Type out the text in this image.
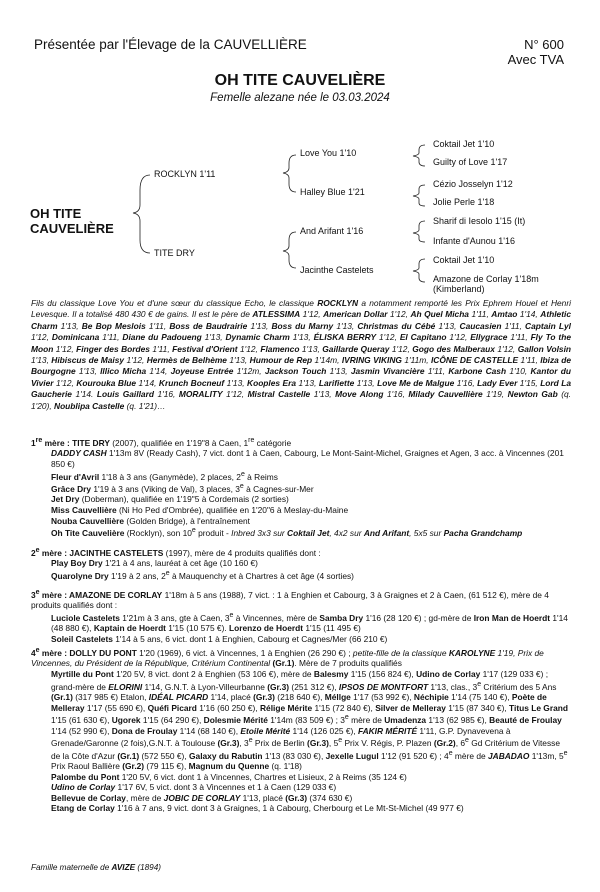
Présentée par l'Élevage de la CAUVELLIÈRE	N° 600
Avec TVA
OH TITE CAUVELIÈRE
Femelle alezane née le 03.03.2024
OH TITE
CAUVELIÈRE
ROCKLYN 1'11
TITE DRY
Love You 1'10
Halley Blue 1'21
And Arifant 1'16
Jacinthe Castelets
Coktail Jet 1'10
Guilty of Love 1'17
Cézio Josselyn 1'12
Jolie Perle 1'18
Sharif di Iesolo 1'15 (It)
Infante d'Aunou 1'16
Coktail Jet 1'10
Amazone de Corlay 1'18m
(Kimberland)
Fils du classique Love You et d'une sœur du classique Echo, le classique ROCKLYN a notamment remporté les Prix Ephrem Houel et Henri Levesque. Il a totalisé 480 430 € de gains. Il est le père de ATLESSIMA 1'12, American Dollar 1'12, Ah Quel Micha 1'11, Amtao 1'14, Athletic Charm 1'13, Be Bop Meslois 1'11, Boss de Baudrairie 1'13, Boss du Marny 1'13, Christmas du Cébé 1'13, Caucasien 1'11, Captain Lyl 1'12, Dominicana 1'11, Diane du Padoueng 1'13, Dynamic Charm 1'13, ÉLISKA BERRY 1'12, El Capitano 1'12, Ellygrace 1'11, Fly To the Moon 1'12, Finger des Bordes 1'11, Festival d'Orient 1'12, Flamenco 1'13, Gaillarde Queray 1'12, Gogo des Malberaux 1'12, Gallon Volsin 1'13, Hibiscus de Maisy 1'12, Hermès de Belhème 1'13, Humour de Rep 1'14m, IVRING VIKING 1'11m, ICÔNE DE CASTELLE 1'11, Ibiza de Bourgogne 1'13, Illico Micha 1'14, Joyeuse Entrée 1'12m, Jackson Touch 1'13, Jasmin Vivancière 1'11, Karbone Cash 1'10, Kantor du Vivier 1'12, Kourouka Blue 1'14, Krunch Bocneuf 1'13, Kooples Era 1'13, Larifiette 1'13, Love Me de Malgue 1'16, Lady Ever 1'15, Lord La Gaucherie 1'14. Louis Gaillard 1'16, MORALITY 1'12, Mistral Castelle 1'13, Move Along 1'16, Milady Cauvellière 1'19, Newton Gab (q. 1'20), Noublipa Castelle (q. 1'21)…
1re mère : TITE DRY (2007), qualifiée en 1'19"8 à Caen, 1re catégorie
DADDY CASH 1'13m 8V (Ready Cash), 7 vict. dont 1 à Caen, Cabourg, Le Mont-Saint-Michel, Graignes et Agen, 3 acc. à Vincennes (201 850 €)
Fleur d'Avril 1'18 à 3 ans (Ganymède), 2 places, 2e à Reims
Grâce Dry 1'19 à 3 ans (Viking de Val), 3 places, 3e à Cagnes-sur-Mer
Jet Dry (Doberman), qualifiée en 1'19"5 à Cordemais (2 sorties)
Miss Cauvellière (Ni Ho Ped d'Ombrée), qualifiée en 1'20"6 à Meslay-du-Maine
Nouba Cauvellière (Golden Bridge), à l'entraînement
Oh Tite Cauvelière (Rocklyn), son 10e produit - Inbred 3x3 sur Coktail Jet, 4x2 sur And Arifant, 5x5 sur Pacha Grandchamp
2e mère : JACINTHE CASTELETS (1997), mère de 4 produits qualifiés dont :
Play Boy Dry 1'21 à 4 ans, lauréat à cet âge (10 160 €)
Quarolyne Dry 1'19 à 2 ans, 2e à Mauquenchy et à Chartres à cet âge (4 sorties)
3e mère : AMAZONE DE CORLAY 1'18m à 5 ans (1988), 7 vict. : 1 à Enghien et Cabourg, 3 à Graignes et 2 à Caen, (61 512 €), mère de 4 produits qualifiés dont :
Luciole Castelets 1'21m à 3 ans, gte à Caen, 3e à Vincennes, mère de Samba Dry 1'16 (28 120 €) ; gd-mère de Iron Man de Hoerdt 1'14 (48 880 €), Kaptain de Hoerdt 1'15 (10 575 €). Lorenzo de Hoerdt 1'15 (11 495 €)
Soleil Castelets 1'14 à 5 ans, 6 vict. dont 1 à Enghien, Cabourg et Cagnes/Mer (66 210 €)
4e mère : DOLLY DU PONT 1'20 (1969), 6 vict. à Vincennes, 1 à Enghien (26 290 €) ; petite-fille de la classique KAROLYNE 1'19, Prix de Vincennes, du Président de la République, Critérium Continental (Gr.1). Mère de 7 produits qualifiés
Myrtille du Pont 1'20 5V, 8 vict. dont 2 à Enghien (53 106 €), mère de Balesmy 1'15 (156 824 €), Udino de Corlay 1'17 (129 033 €) ; grand-mère de ELORINI 1'14, G.N.T. à Lyon-Villeurbanne (Gr.3) (251 312 €), IPSOS DE MONTFORT 1'13, clas., 3e Critérium des 5 Ans (Gr.1) (317 985 €) Etalon, IDÉAL PICARD 1'14, placé (Gr.3) (218 640 €), Méllge 1'17 (53 992 €), Néchipie 1'14 (75 140 €), Poète de Melleray 1'17 (55 690 €), Quéfi Picard 1'16 (60 250 €), Rélige Mérite 1'15 (72 840 €), Silver de Melleray 1'15 (87 340 €), Titus Le Grand 1'15 (61 630 €), Ugorek 1'15 (64 290 €), Dolesmie Mérité 1'14m (83 509 €) ; 3e mère de Umadenza 1'13 (62 985 €), Beauté de Froulay 1'14 (52 990 €), Dona de Froulay 1'14 (68 140 €), Etoile Mérité 1'14 (126 025 €), FAKIR MÉRITÉ 1'11, G.P. Dynavevena à Grenade/Garonne (2 fois),G.N.T. à Toulouse (Gr.3), 3e Prix de Berlin (Gr.3), 5e Prix V. Régis, P. Plazen (Gr.2), 6e Gd Critérium de Vitesse de la Côte d'Azur (Gr.1) (572 550 €), Galaxy du Rabutin 1'13 (83 030 €), Jexelle Lugul 1'12 (91 520 €) ; 4e mère de JABADAO 1'13m, 5e Prix Raoul Ballière (Gr.2) (79 115 €), Magnum du Quenne (q. 1'18)
Palombe du Pont 1'20 5V, 6 vict. dont 1 à Vincennes, Chartres et Lisieux, 2 à Reims (35 124 €)
Udino de Corlay 1'17 6V, 5 vict. dont 3 à Vincennes et 1 à Caen (129 033 €)
Bellevue de Corlay, mère de JOBIC DE CORLAY 1'13, placé (Gr.3) (374 630 €)
Etang de Corlay 1'16 à 7 ans, 9 vict. dont 3 à Graignes, 1 à Cabourg, Cherbourg et Le Mt-St-Michel (49 977 €)
Famille maternelle de AVIZE (1894)
